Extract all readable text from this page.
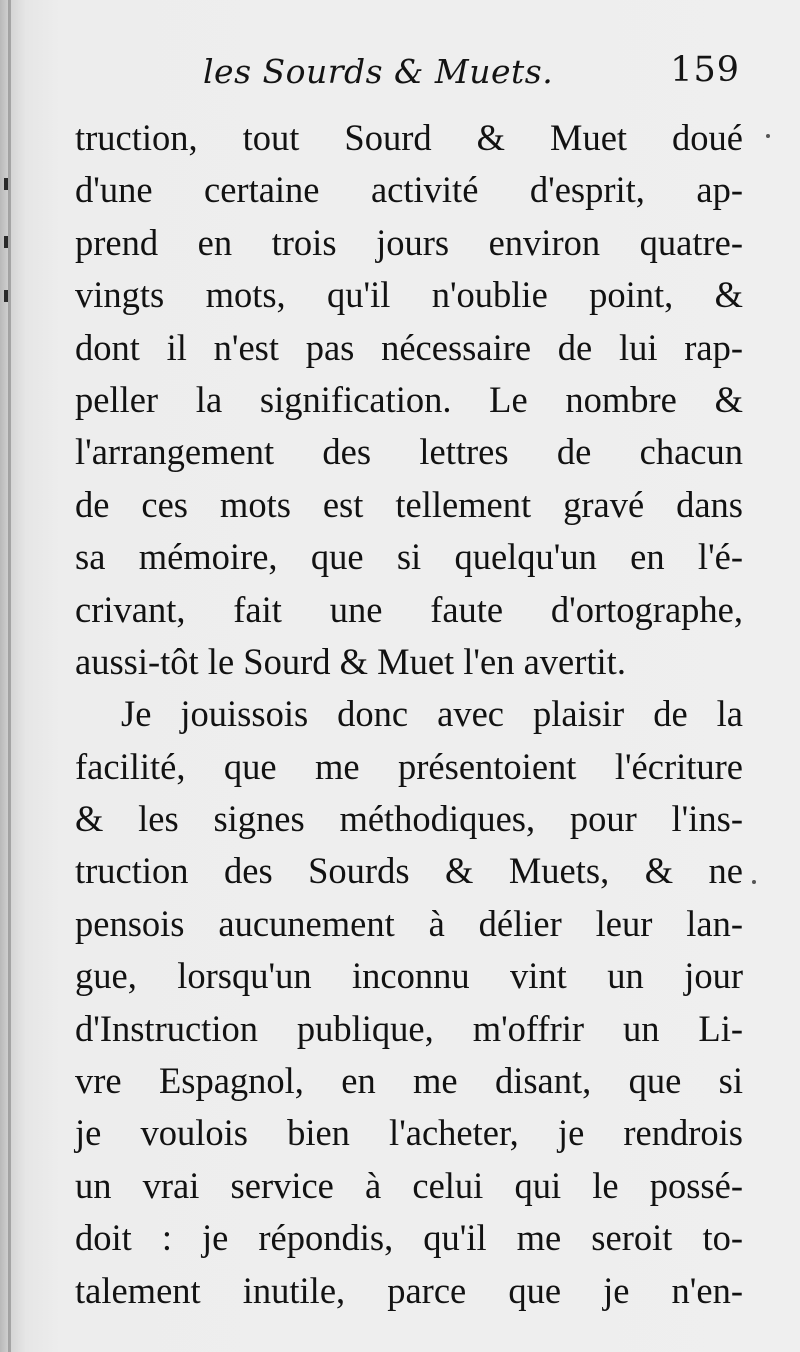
les Sourds & Muets.	159
truction, tout Sourd & Muet doué
d'une certaine activité d'esprit, ap-
prend en trois jours environ quatre-
vingts mots, qu'il n'oublie point, &
dont il n'est pas nécessaire de lui rap-
peller la signification. Le nombre &
l'arrangement des lettres de chacun
de ces mots est tellement gravé dans
sa mémoire, que si quelqu'un en l'é-
crivant, fait une faute d'ortographe,
aussi-tôt le Sourd & Muet l'en avertit.
Je jouissois donc avec plaisir de la
facilité, que me présentoient l'écriture
& les signes méthodiques, pour l'ins-
truction des Sourds & Muets, & ne
pensois aucunement à délier leur lan-
gue, lorsqu'un inconnu vint un jour
d'Instruction publique, m'offrir un Li-
vre Espagnol, en me disant, que si
je voulois bien l'acheter, je rendrois
un vrai service à celui qui le possé-
doit : je répondis, qu'il me seroit to-
talement inutile, parce que je n'en-
